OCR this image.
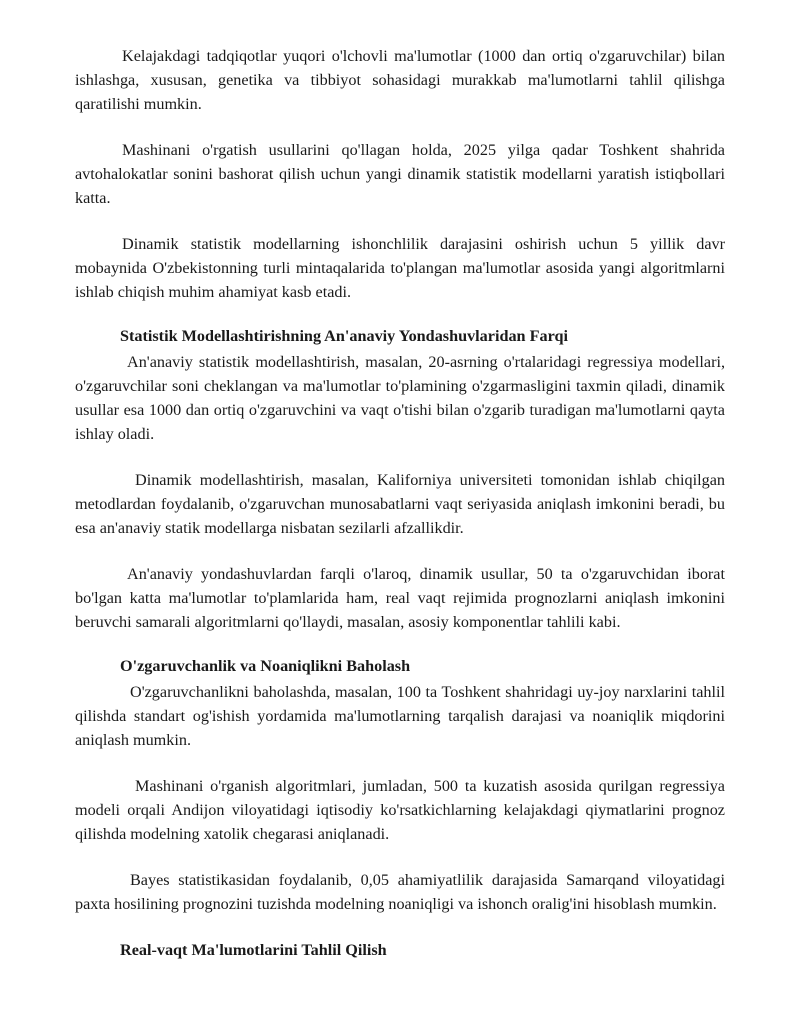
Kelajakdagi tadqiqotlar yuqori o'lchovli ma'lumotlar (1000 dan ortiq o'zgaruvchilar) bilan ishlashga, xususan, genetika va tibbiyot sohasidagi murakkab ma'lumotlarni tahlil qilishga qaratilishi mumkin.

Mashinani o'rgatish usullarini qo'llagan holda, 2025 yilga qadar Toshkent shahrida avtohalokatlar sonini bashorat qilish uchun yangi dinamik statistik modellarni yaratish istiqbollari katta.

Dinamik statistik modellarning ishonchlilik darajasini oshirish uchun 5 yillik davr mobaynida O'zbekistonning turli mintaqalarida to'plangan ma'lumotlar asosida yangi algoritmlarni ishlab chiqish muhim ahamiyat kasb etadi.

Statistik Modellashtirishning An'anaviy Yondashuvlaridan Farqi

An'anaviy statistik modellashtirish, masalan, 20-asrning o'rtalaridagi regressiya modellari, o'zgaruvchilar soni cheklangan va ma'lumotlar to'plamining o'zgarmasligini taxmin qiladi, dinamik usullar esa 1000 dan ortiq o'zgaruvchini va vaqt o'tishi bilan o'zgarib turadigan ma'lumotlarni qayta ishlay oladi.

Dinamik modellashtirish, masalan, Kaliforniya universiteti tomonidan ishlab chiqilgan metodlardan foydalanib, o'zgaruvchan munosabatlarni vaqt seriyasida aniqlash imkonini beradi, bu esa an'anaviy statik modellarga nisbatan sezilarli afzallikdir.

An'anaviy yondashuvlardan farqli o'laroq, dinamik usullar, 50 ta o'zgaruvchidan iborat bo'lgan katta ma'lumotlar to'plamlarida ham, real vaqt rejimida prognozlarni aniqlash imkonini beruvchi samarali algoritmlarni qo'llaydi, masalan, asosiy komponentlar tahlili kabi.

O'zgaruvchanlik va Noaniqlikni Baholash

O'zgaruvchanlikni baholashda, masalan, 100 ta Toshkent shahridagi uy-joy narxlarini tahlil qilishda standart og'ishish yordamida ma'lumotlarning tarqalish darajasi va noaniqlik miqdorini aniqlash mumkin.

Mashinani o'rganish algoritmlari, jumladan, 500 ta kuzatish asosida qurilgan regressiya modeli orqali Andijon viloyatidagi iqtisodiy ko'rsatkichlarning kelajakdagi qiymatlarini prognoz qilishda modelning xatolik chegarasi aniqlanadi.

Bayes statistikasidan foydalanib, 0,05 ahamiyatlilik darajasida Samarqand viloyatidagi paxta hosilining prognozini tuzishda modelning noaniqligi va ishonch oralig'ini hisoblash mumkin.

Real-vaqt Ma'lumotlarini Tahlil Qilish
